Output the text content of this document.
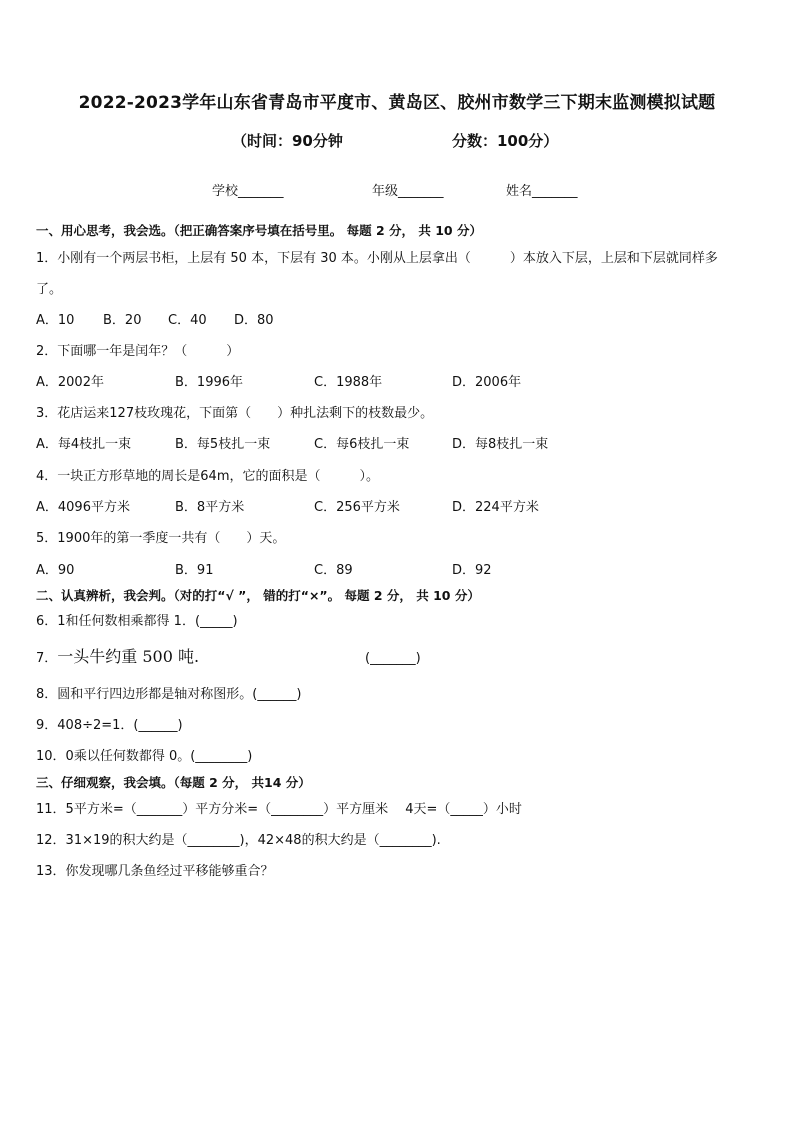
2022-2023学年山东省青岛市平度市、黄岛区、胶州市数学三下期末监测模拟试题
（时间：90分钟	分数：100分）
学校_______	年级_______	姓名_______
一、用心思考，我会选。（把正确答案序号填在括号里。 每题 2 分， 共 10 分）
1．小刚有一个两层书柜，上层有 50 本，下层有 30 本。小刚从上层拿出（　　　）本放入下层，上层和下层就同样多
了。
A．10 B．20 C．40 D．80
2．下面哪一年是闰年？（　　　）
A．2002年	B．1996年	C．1988年	D．2006年
3．花店运来127枝玫瑰花，下面第（　　）种扎法剩下的枝数最少。
A．每4枝扎一束	B．每5枝扎一束	C．每6枝扎一束	D．每8枝扎一束
4．一块正方形草地的周长是64m，它的面积是（　　　）。
A．4096平方米	B．8平方米	C．256平方米	D．224平方米
5．1900年的第一季度一共有（　　）天。
A．90	B．91	C．89	D．92
二、认真辨析，我会判。（对的打“√ ”， 错的打“×”。 每题 2 分， 共 10 分）
6．1和任何数相乘都得 1．(_____)
7．一头牛约重 500 吨.	(_______)
8．圆和平行四边形都是轴对称图形。(______)
9．408÷2=1．(______)
10．0乘以任何数都得 0。(________)
三、仔细观察，我会填。（每题 2 分， 共14 分）
11．5平方米=（_______）平方分米=（________）平方厘米　 4天=（_____）小时
12．31×19的积大约是（________)，42×48的积大约是（________).
13．你发现哪几条鱼经过平移能够重合？
